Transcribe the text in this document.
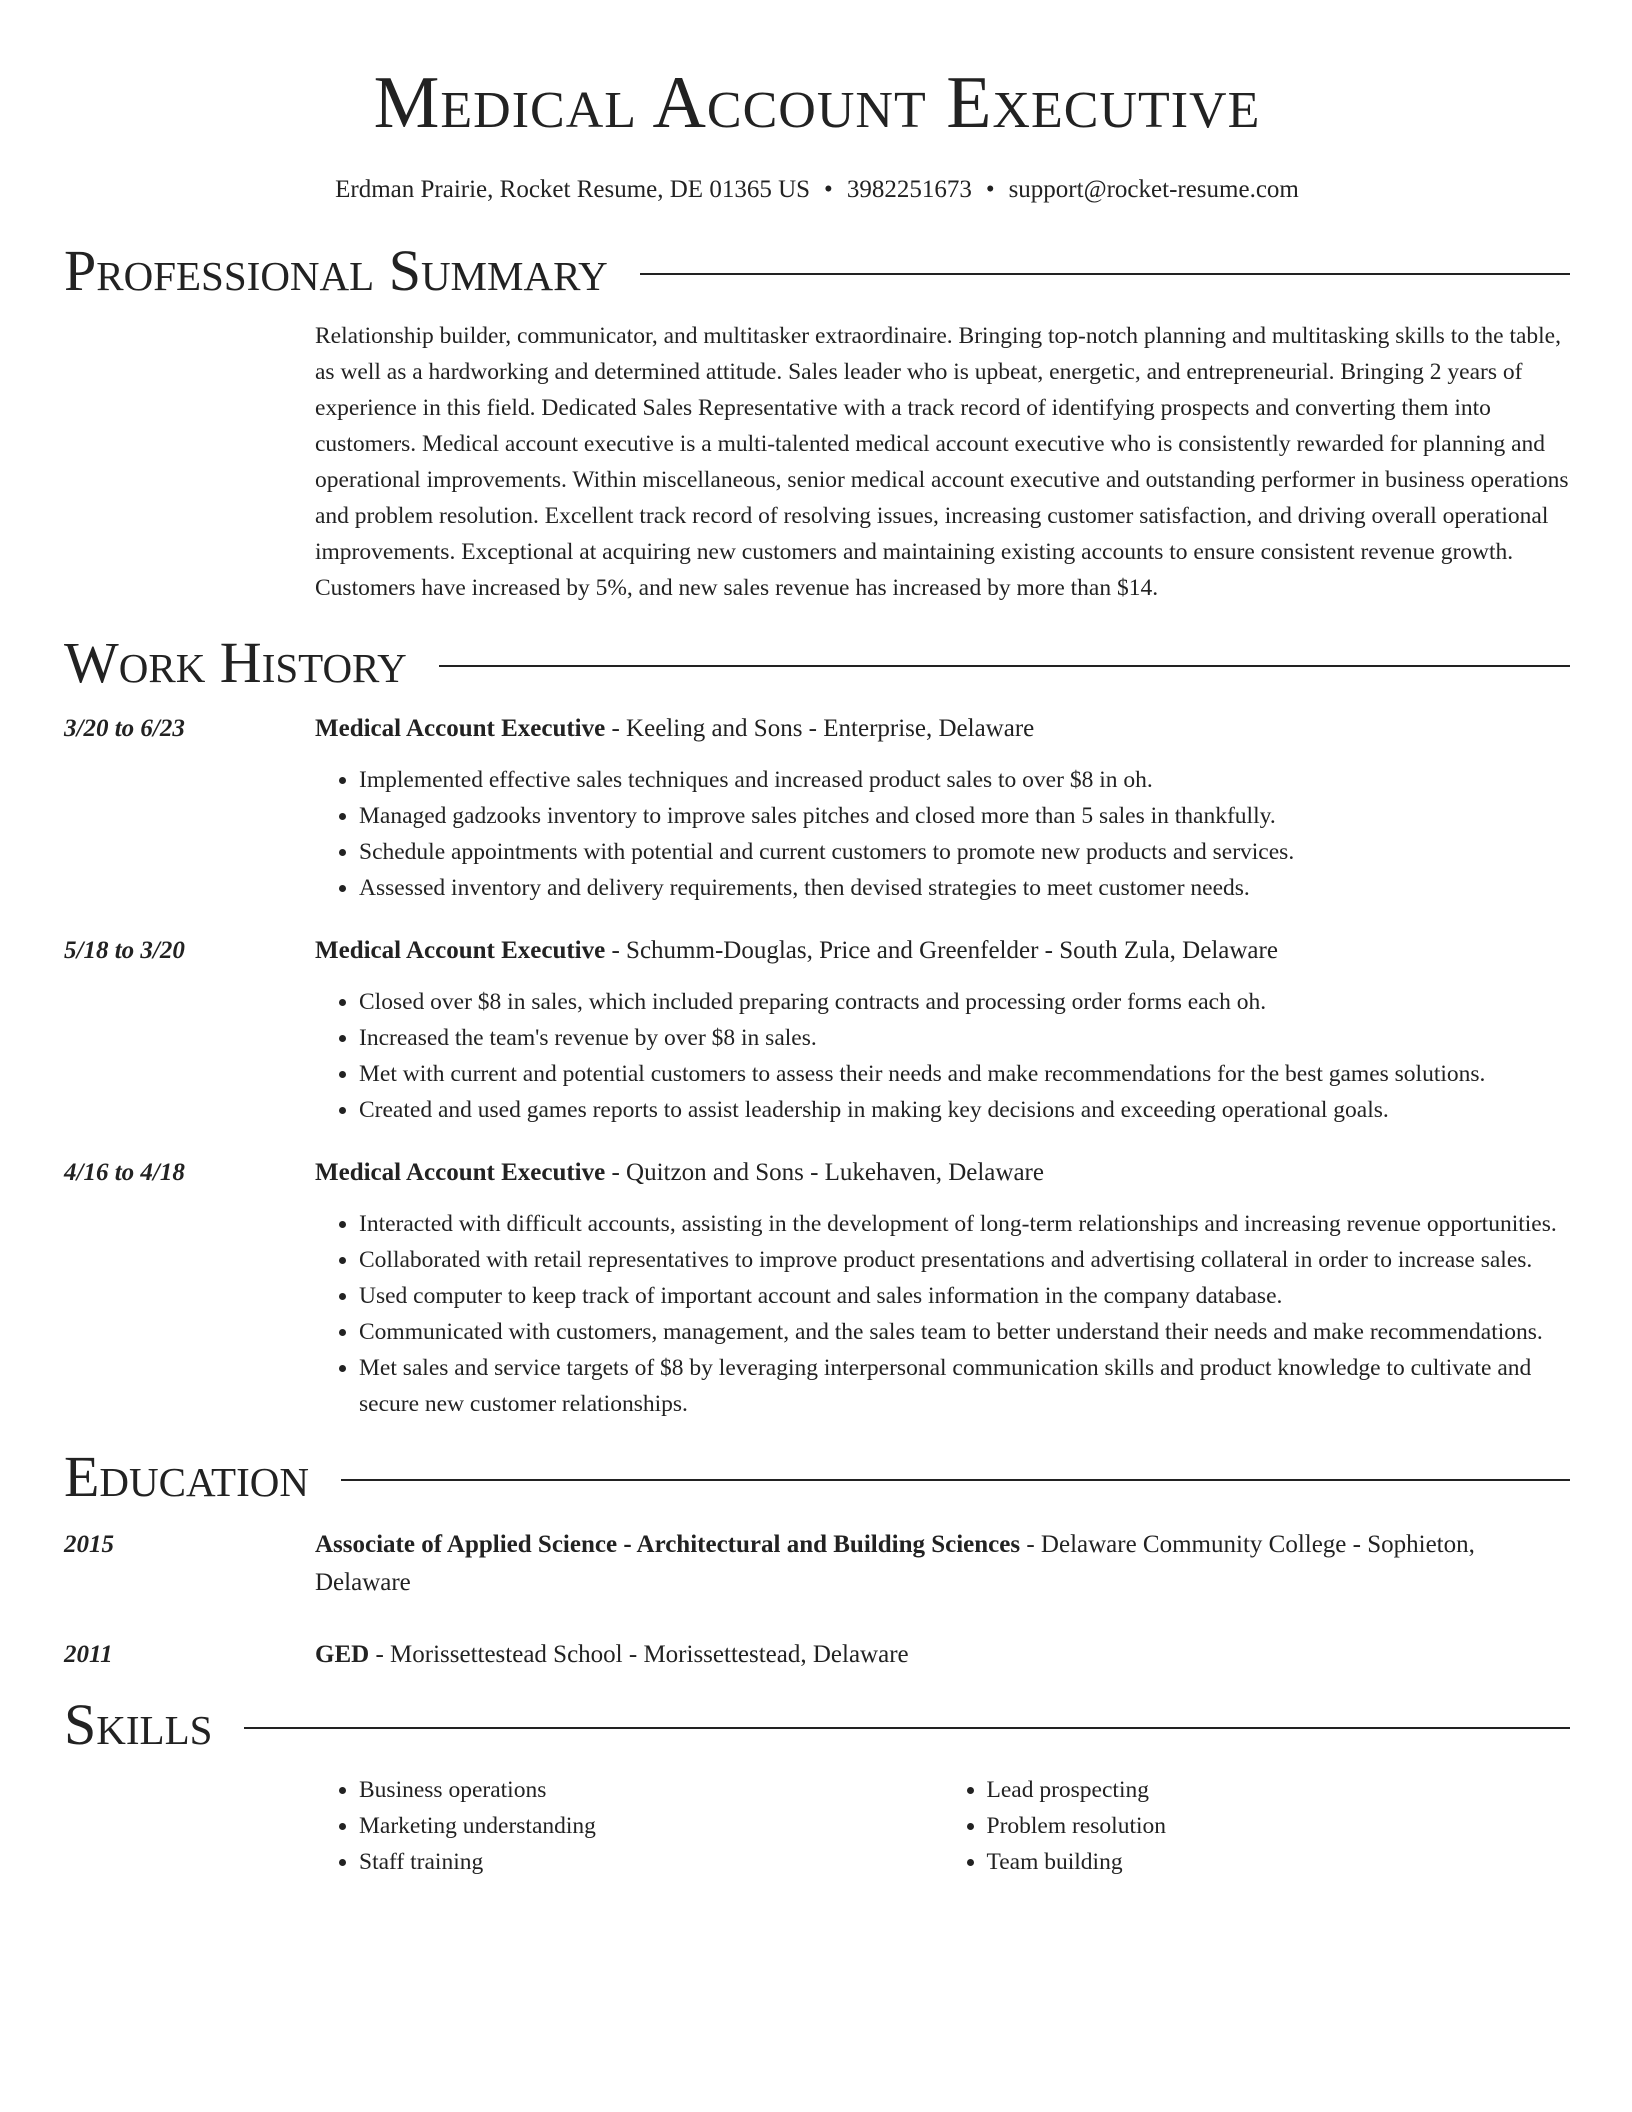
Medical Account Executive
Erdman Prairie, Rocket Resume, DE 01365 US • 3982251673 • support@rocket-resume.com
Professional Summary
Relationship builder, communicator, and multitasker extraordinaire. Bringing top-notch planning and multitasking skills to the table, as well as a hardworking and determined attitude. Sales leader who is upbeat, energetic, and entrepreneurial. Bringing 2 years of experience in this field. Dedicated Sales Representative with a track record of identifying prospects and converting them into customers. Medical account executive is a multi-talented medical account executive who is consistently rewarded for planning and operational improvements. Within miscellaneous, senior medical account executive and outstanding performer in business operations and problem resolution. Excellent track record of resolving issues, increasing customer satisfaction, and driving overall operational improvements. Exceptional at acquiring new customers and maintaining existing accounts to ensure consistent revenue growth. Customers have increased by 5%, and new sales revenue has increased by more than $14.
Work History
3/20 to 6/23	Medical Account Executive - Keeling and Sons - Enterprise, Delaware
• Implemented effective sales techniques and increased product sales to over $8 in oh.
• Managed gadzooks inventory to improve sales pitches and closed more than 5 sales in thankfully.
• Schedule appointments with potential and current customers to promote new products and services.
• Assessed inventory and delivery requirements, then devised strategies to meet customer needs.
5/18 to 3/20	Medical Account Executive - Schumm-Douglas, Price and Greenfelder - South Zula, Delaware
• Closed over $8 in sales, which included preparing contracts and processing order forms each oh.
• Increased the team's revenue by over $8 in sales.
• Met with current and potential customers to assess their needs and make recommendations for the best games solutions.
• Created and used games reports to assist leadership in making key decisions and exceeding operational goals.
4/16 to 4/18	Medical Account Executive - Quitzon and Sons - Lukehaven, Delaware
• Interacted with difficult accounts, assisting in the development of long-term relationships and increasing revenue opportunities.
• Collaborated with retail representatives to improve product presentations and advertising collateral in order to increase sales.
• Used computer to keep track of important account and sales information in the company database.
• Communicated with customers, management, and the sales team to better understand their needs and make recommendations.
• Met sales and service targets of $8 by leveraging interpersonal communication skills and product knowledge to cultivate and secure new customer relationships.
Education
2015	Associate of Applied Science - Architectural and Building Sciences - Delaware Community College - Sophieton, Delaware
2011	GED - Morissettestead School - Morissettestead, Delaware
Skills
• Business operations
• Marketing understanding
• Staff training
• Lead prospecting
• Problem resolution
• Team building
